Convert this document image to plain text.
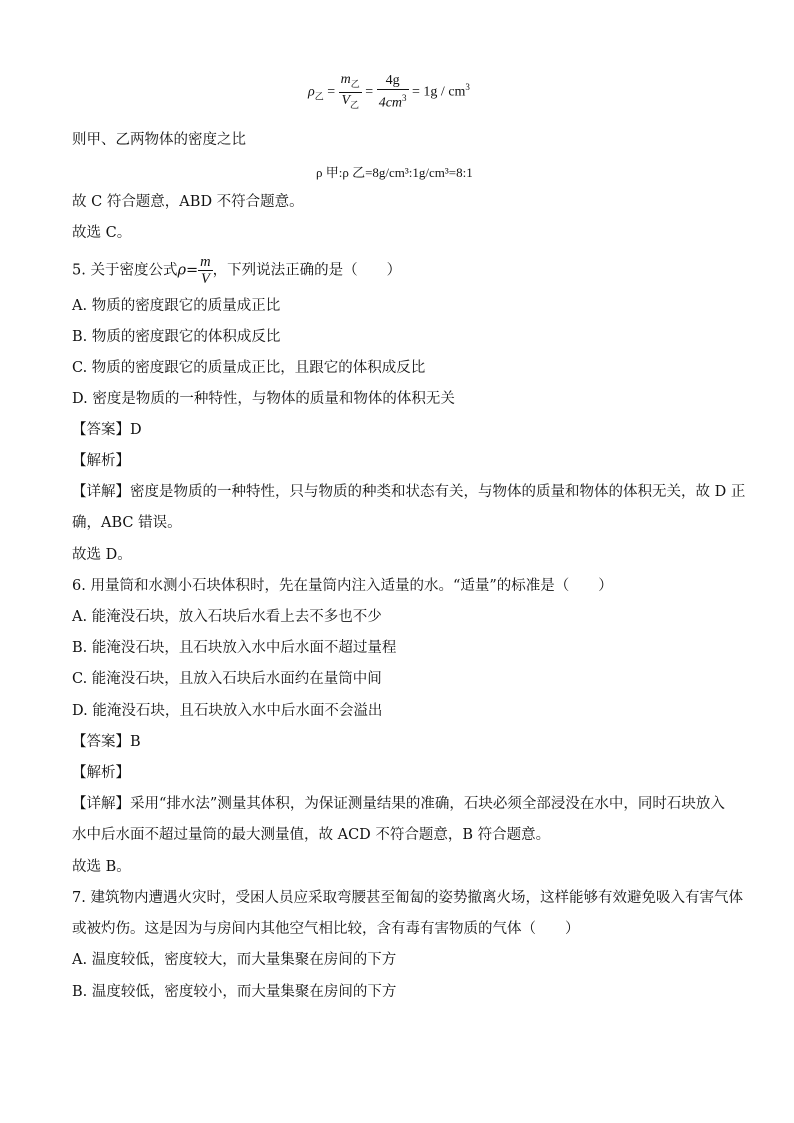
$\rho_乙 = \frac{m_乙}{V_乙} = \frac{4g}{4cm^3} = 1g / cm^3$
则甲、乙两物体的密度之比
ρ 甲:ρ 乙=8g/cm³:1g/cm³=8:1
故 C 符合题意，ABD 不符合题意。
故选 C。
5. 关于密度公式$\rho= \frac{m}{V}$ ，下列说法正确的是（　　）
A. 物质的密度跟它的质量成正比
B. 物质的密度跟它的体积成反比
C. 物质的密度跟它的质量成正比，且跟它的体积成反比
D. 密度是物质的一种特性，与物体的质量和物体的体积无关
【答案】D
【解析】
【详解】密度是物质的一种特性，只与物质的种类和状态有关，与物体的质量和物体的体积无关，故 D 正
确，ABC 错误。
故选 D。
6. 用量筒和水测小石块体积时，先在量筒内注入适量的水。“适量”的标准是（　　）
A. 能淹没石块，放入石块后水看上去不多也不少
B. 能淹没石块，且石块放入水中后水面不超过量程
C. 能淹没石块，且放入石块后水面约在量筒中间
D. 能淹没石块，且石块放入水中后水面不会溢出
【答案】B
【解析】
【详解】采用“排水法”测量其体积，为保证测量结果的准确，石块必须全部浸没在水中，同时石块放入
水中后水面不超过量筒的最大测量值，故 ACD 不符合题意，B 符合题意。
故选 B。
7. 建筑物内遭遇火灾时，受困人员应采取弯腰甚至匍匐的姿势撤离火场，这样能够有效避免吸入有害气体
或被灼伤。这是因为与房间内其他空气相比较，含有毒有害物质的气体（　　）
A. 温度较低，密度较大，而大量集聚在房间的下方
B. 温度较低，密度较小，而大量集聚在房间的下方
